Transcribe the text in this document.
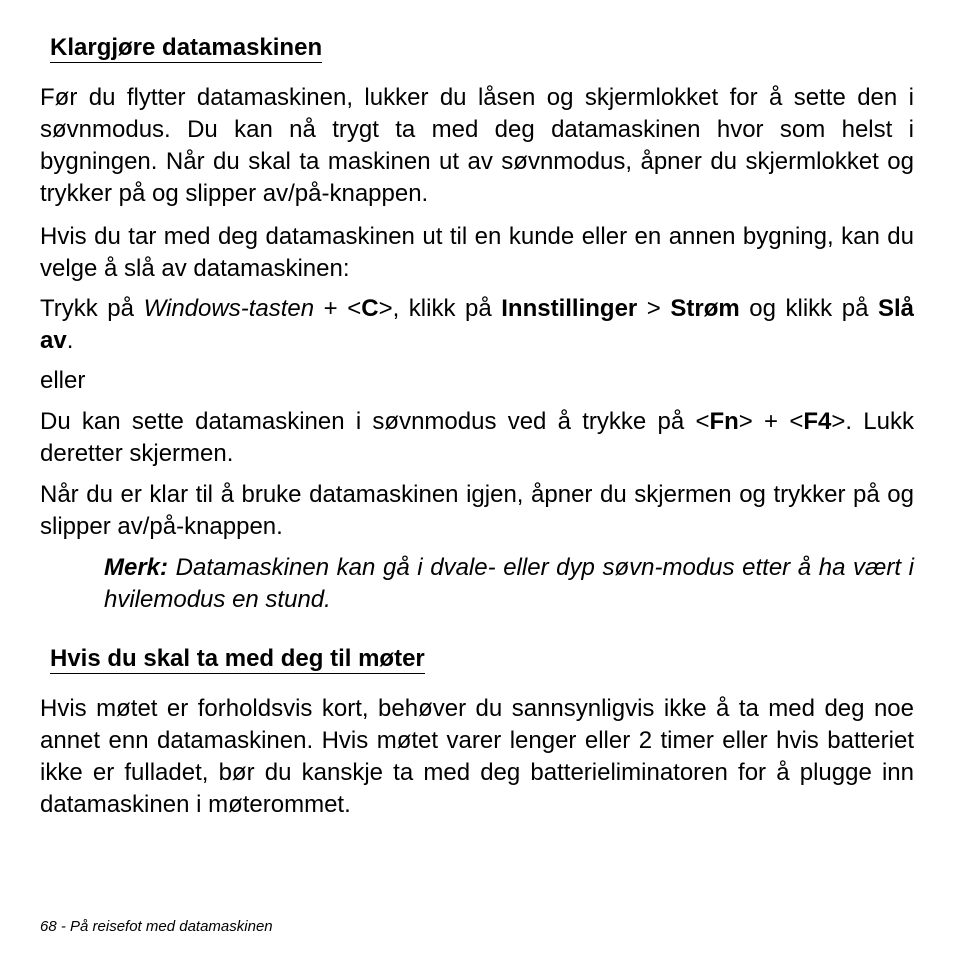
Klargjøre datamaskinen

Før du flytter datamaskinen, lukker du låsen og skjermlokket for å sette den i søvnmodus. Du kan nå trygt ta med deg datamaskinen hvor som helst i bygningen. Når du skal ta maskinen ut av søvnmodus, åpner du skjermlokket og trykker på og slipper av/på-knappen.

Hvis du tar med deg datamaskinen ut til en kunde eller en annen bygning, kan du velge å slå av datamaskinen:

Trykk på Windows-tasten + <C>, klikk på Innstillinger > Strøm og klikk på Slå av.

eller

Du kan sette datamaskinen i søvnmodus ved å trykke på <Fn> + <F4>. Lukk deretter skjermen.

Når du er klar til å bruke datamaskinen igjen, åpner du skjermen og trykker på og slipper av/på-knappen.

Merk: Datamaskinen kan gå i dvale- eller dyp søvn-modus etter å ha vært i hvilemodus en stund.

Hvis du skal ta med deg til møter

Hvis møtet er forholdsvis kort, behøver du sannsynligvis ikke å ta med deg noe annet enn datamaskinen. Hvis møtet varer lenger eller 2 timer eller hvis batteriet ikke er fulladet, bør du kanskje ta med deg batterieliminatoren for å plugge inn datamaskinen i møterommet.

68 - På reisefot med datamaskinen
